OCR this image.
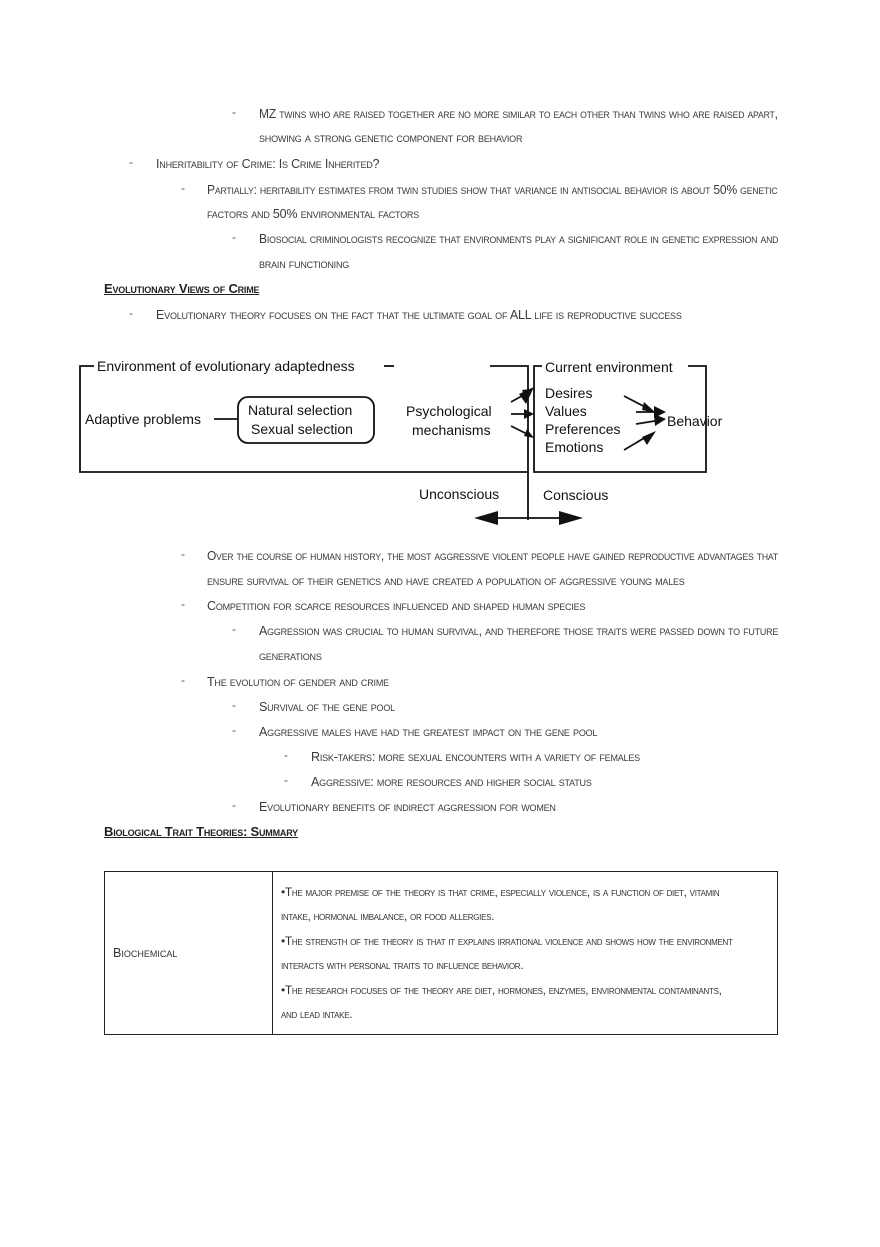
-
-
-
-
-
-
-
-
-
-
-
-
-
-
MZ twins who are raised together are no more similar to each other than twins who are raised apart,
showing a strong genetic component for behavior
Inheritability of Crime: Is Crime Inherited?
Partially: heritability estimates from twin studies show that variance in antisocial behavior is about 50% genetic
factors and 50% environmental factors
Biosocial criminologists recognize that environments play a significant role in genetic expression and
brain functioning
Evolutionary Views of Crime
Evolutionary theory focuses on the fact that the ultimate goal of ALL life is reproductive success
Environment of evolutionary adaptedness	Current environment
Adaptive problems
Natural selection
Sexual selection
Psychological
mechanisms
Desires
Values
Preferences
Emotions
Behavior
Unconscious	Conscious
Over the course of human history, the most aggressive violent people have gained reproductive advantages that
ensure survival of their genetics and have created a population of aggressive young males
Competition for scarce resources influenced and shaped human species
Aggression was crucial to human survival, and therefore those traits were passed down to future
generations
The evolution of gender and crime
Survival of the gene pool
Aggressive males have had the greatest impact on the gene pool
Risk-takers: more sexual encounters with a variety of females
Aggressive: more resources and higher social status
Evolutionary benefits of indirect aggression for women
Biological Trait Theories: Summary
Biochemical	
•The major premise of the theory is that crime, especially violence, is a function of diet, vitamin
intake, hormonal imbalance, or food allergies.
•The strength of the theory is that it explains irrational violence and shows how the environment
interacts with personal traits to influence behavior.
•The research focuses of the theory are diet, hormones, enzymes, environmental contaminants,
and lead intake.
